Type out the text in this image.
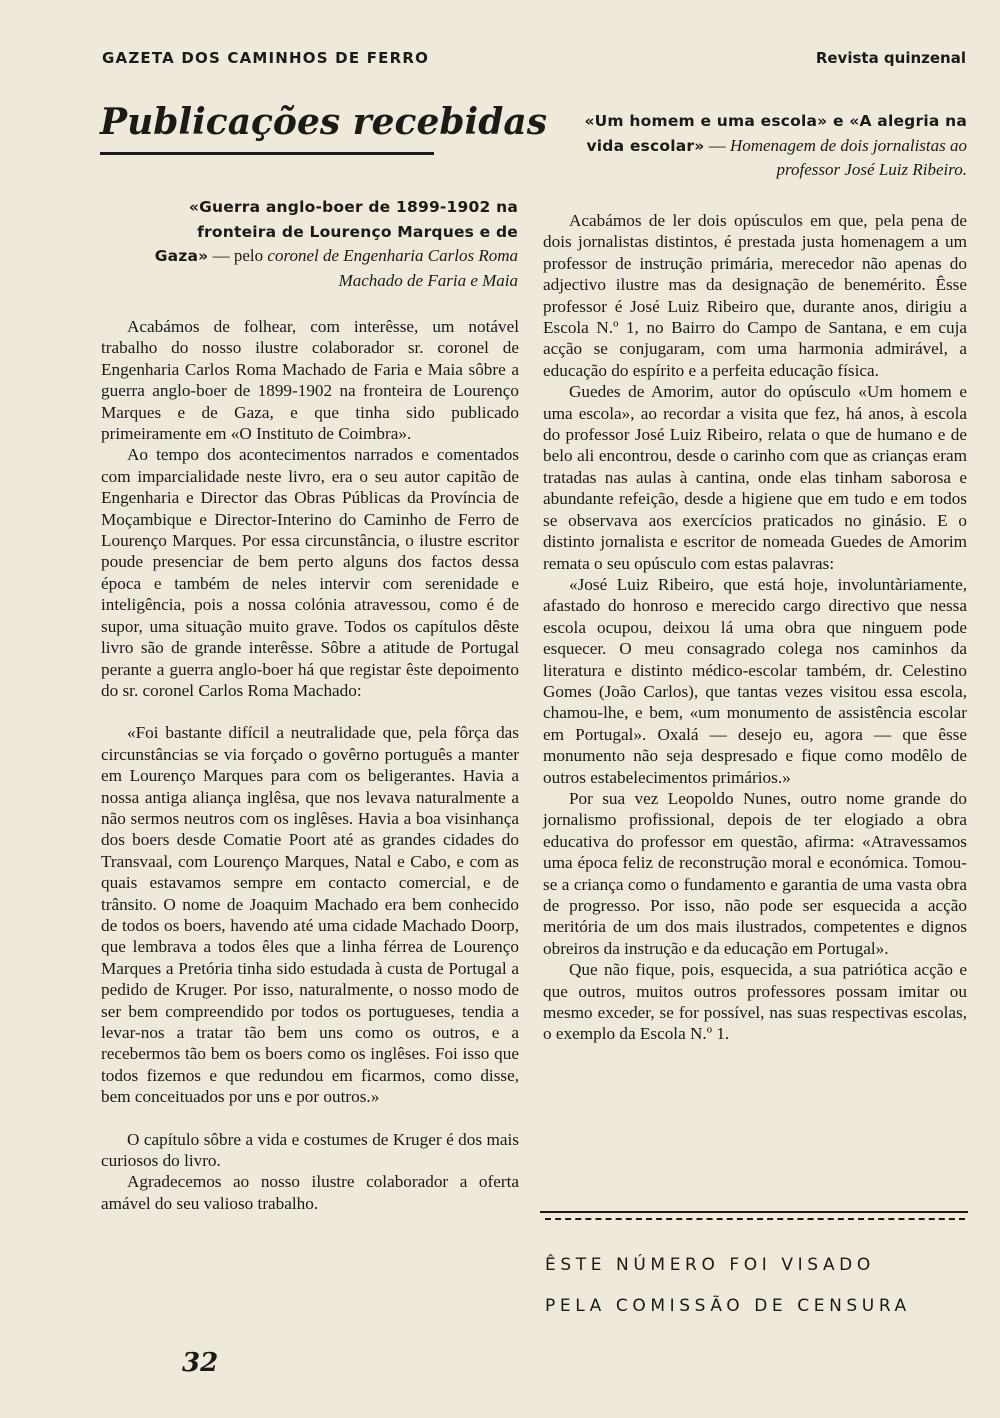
GAZETA DOS CAMINHOS DE FERRO	Revista quinzenal
Publicações recebidas
«Guerra anglo-boer de 1899-1902 na fronteira de Lourenço Marques e de Gaza» — pelo coronel de Engenharia Carlos Roma Machado de Faria e Maia
«Um homem e uma escola» e «A alegria na vida escolar» — Homenagem de dois jornalistas ao professor José Luiz Ribeiro.

Acabámos de folhear, com interêsse, um notável trabalho do nosso ilustre colaborador sr. coronel de Engenharia Carlos Roma Machado de Faria e Maia sôbre a guerra anglo-boer de 1899-1902 na fronteira de Lourenço Marques e de Gaza, e que tinha sido publicado primeiramente em «O Instituto de Coimbra».

Ao tempo dos acontecimentos narrados e comentados com imparcialidade neste livro, era o seu autor capitão de Engenharia e Director das Obras Públicas da Província de Moçambique e Director-Interino do Caminho de Ferro de Lourenço Marques. Por essa circunstância, o ilustre escritor poude presenciar de bem perto alguns dos factos dessa época e também de neles intervir com serenidade e inteligência, pois a nossa colónia atravessou, como é de supor, uma situação muito grave. Todos os capítulos dêste livro são de grande interêsse. Sôbre a atitude de Portugal perante a guerra anglo-boer há que registar êste depoimento do sr. coronel Carlos Roma Machado:

«Foi bastante difícil a neutralidade que, pela fôrça das circunstâncias se via forçado o govêrno português a manter em Lourenço Marques para com os beligerantes. Havia a nossa antiga aliança inglêsa, que nos levava naturalmente a não sermos neutros com os inglêses. Havia a boa visinhança dos boers desde Comatie Poort até as grandes cidades do Transvaal, com Lourenço Marques, Natal e Cabo, e com as quais estavamos sempre em contacto comercial, e de trânsito. O nome de Joaquim Machado era bem conhecido de todos os boers, havendo até uma cidade Machado Doorp, que lembrava a todos êles que a linha férrea de Lourenço Marques a Pretória tinha sido estudada à custa de Portugal a pedido de Kruger. Por isso, naturalmente, o nosso modo de ser bem compreendido por todos os portugueses, tendia a levar-nos a tratar tão bem uns como os outros, e a recebermos tão bem os boers como os inglêses. Foi isso que todos fizemos e que redundou em ficarmos, como disse, bem conceituados por uns e por outros.»

O capítulo sôbre a vida e costumes de Kruger é dos mais curiosos do livro.

Agradecemos ao nosso ilustre colaborador a oferta amável do seu valioso trabalho.

Acabámos de ler dois opúsculos em que, pela pena de dois jornalistas distintos, é prestada justa homenagem a um professor de instrução primária, merecedor não apenas do adjectivo ilustre mas da designação de benemérito. Êsse professor é José Luiz Ribeiro que, durante anos, dirigiu a Escola N.º 1, no Bairro do Campo de Santana, e em cuja acção se conjugaram, com uma harmonia admirável, a educação do espírito e a perfeita educação física.

Guedes de Amorim, autor do opúsculo «Um homem e uma escola», ao recordar a visita que fez, há anos, à escola do professor José Luiz Ribeiro, relata o que de humano e de belo ali encontrou, desde o carinho com que as crianças eram tratadas nas aulas à cantina, onde elas tinham saborosa e abundante refeição, desde a higiene que em tudo e em todos se observava aos exercícios praticados no ginásio. E o distinto jornalista e escritor de nomeada Guedes de Amorim remata o seu opúsculo com estas palavras:

«José Luiz Ribeiro, que está hoje, involuntàriamente, afastado do honroso e merecido cargo directivo que nessa escola ocupou, deixou lá uma obra que ninguem pode esquecer. O meu consagrado colega nos caminhos da literatura e distinto médico-escolar também, dr. Celestino Gomes (João Carlos), que tantas vezes visitou essa escola, chamou-lhe, e bem, «um monumento de assistência escolar em Portugal». Oxalá — desejo eu, agora — que êsse monumento não seja despresado e fique como modêlo de outros estabelecimentos primários.»

Por sua vez Leopoldo Nunes, outro nome grande do jornalismo profissional, depois de ter elogiado a obra educativa do professor em questão, afirma: «Atravessamos uma época feliz de reconstrução moral e económica. Tomou-se a criança como o fundamento e garantia de uma vasta obra de progresso. Por isso, não pode ser esquecida a acção meritória de um dos mais ilustrados, competentes e dignos obreiros da instrução e da educação em Portugal».

Que não fique, pois, esquecida, a sua patriótica acção e que outros, muitos outros professores possam imitar ou mesmo exceder, se for possível, nas suas respectivas escolas, o exemplo da Escola N.º 1.

ÊSTE NÚMERO FOI VISADO
PELA COMISSÃO DE CENSURA
32
